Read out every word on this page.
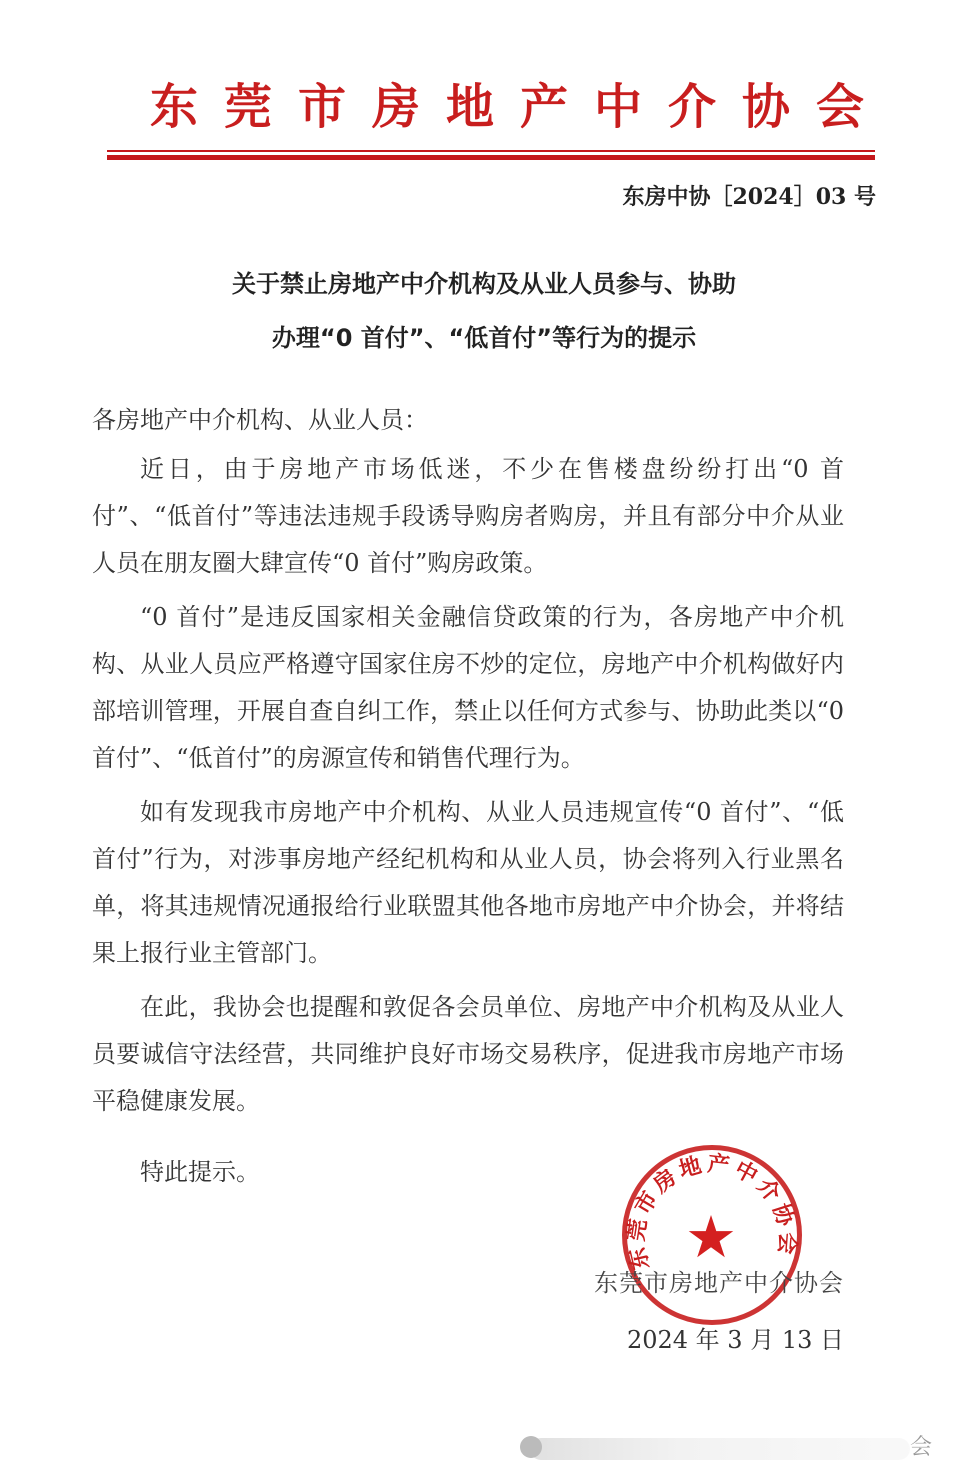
东莞市房地产中介协会
东房中协［2024］03 号
关于禁止房地产中介机构及从业人员参与、协助
办理“0 首付”、“低首付”等行为的提示
各房地产中介机构、从业人员：

近日，由于房地产市场低迷，不少在售楼盘纷纷打出“0 首付”、“低首付”等违法违规手段诱导购房者购房，并且有部分中介从业人员在朋友圈大肆宣传“0 首付”购房政策。

“0 首付”是违反国家相关金融信贷政策的行为，各房地产中介机构、从业人员应严格遵守国家住房不炒的定位，房地产中介机构做好内部培训管理，开展自查自纠工作，禁止以任何方式参与、协助此类以“0 首付”、“低首付”的房源宣传和销售代理行为。

如有发现我市房地产中介机构、从业人员违规宣传“0 首付”、“低首付”行为，对涉事房地产经纪机构和从业人员，协会将列入行业黑名单，将其违规情况通报给行业联盟其他各地市房地产中介协会，并将结果上报行业主管部门。

在此，我协会也提醒和敦促各会员单位、房地产中介机构及从业人员要诚信守法经营，共同维护良好市场交易秩序，促进我市房地产市场平稳健康发展。

特此提示。
东莞市房地产中介协会
★
东莞市房地产中介协会
2024 年 3 月 13 日
会
